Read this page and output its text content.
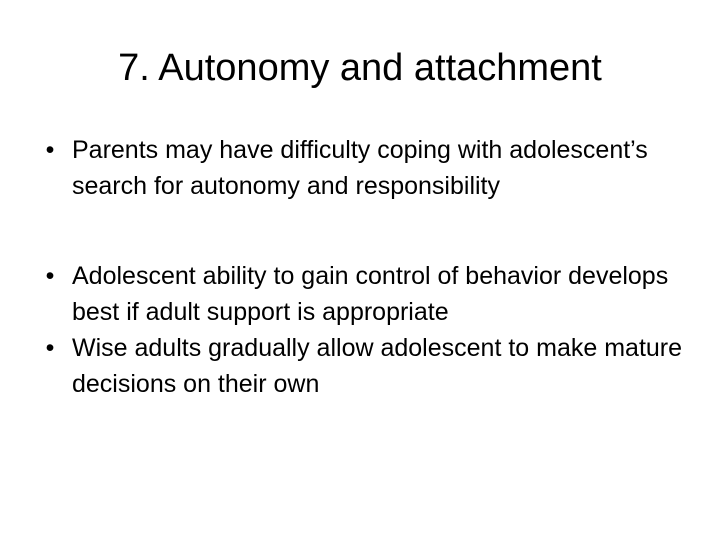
7. Autonomy and attachment
• Parents may have difficulty coping with adolescent’s search for autonomy and responsibility
• Adolescent ability to gain control of behavior develops best if adult support is appropriate
• Wise adults gradually allow adolescent to make mature decisions on their own
